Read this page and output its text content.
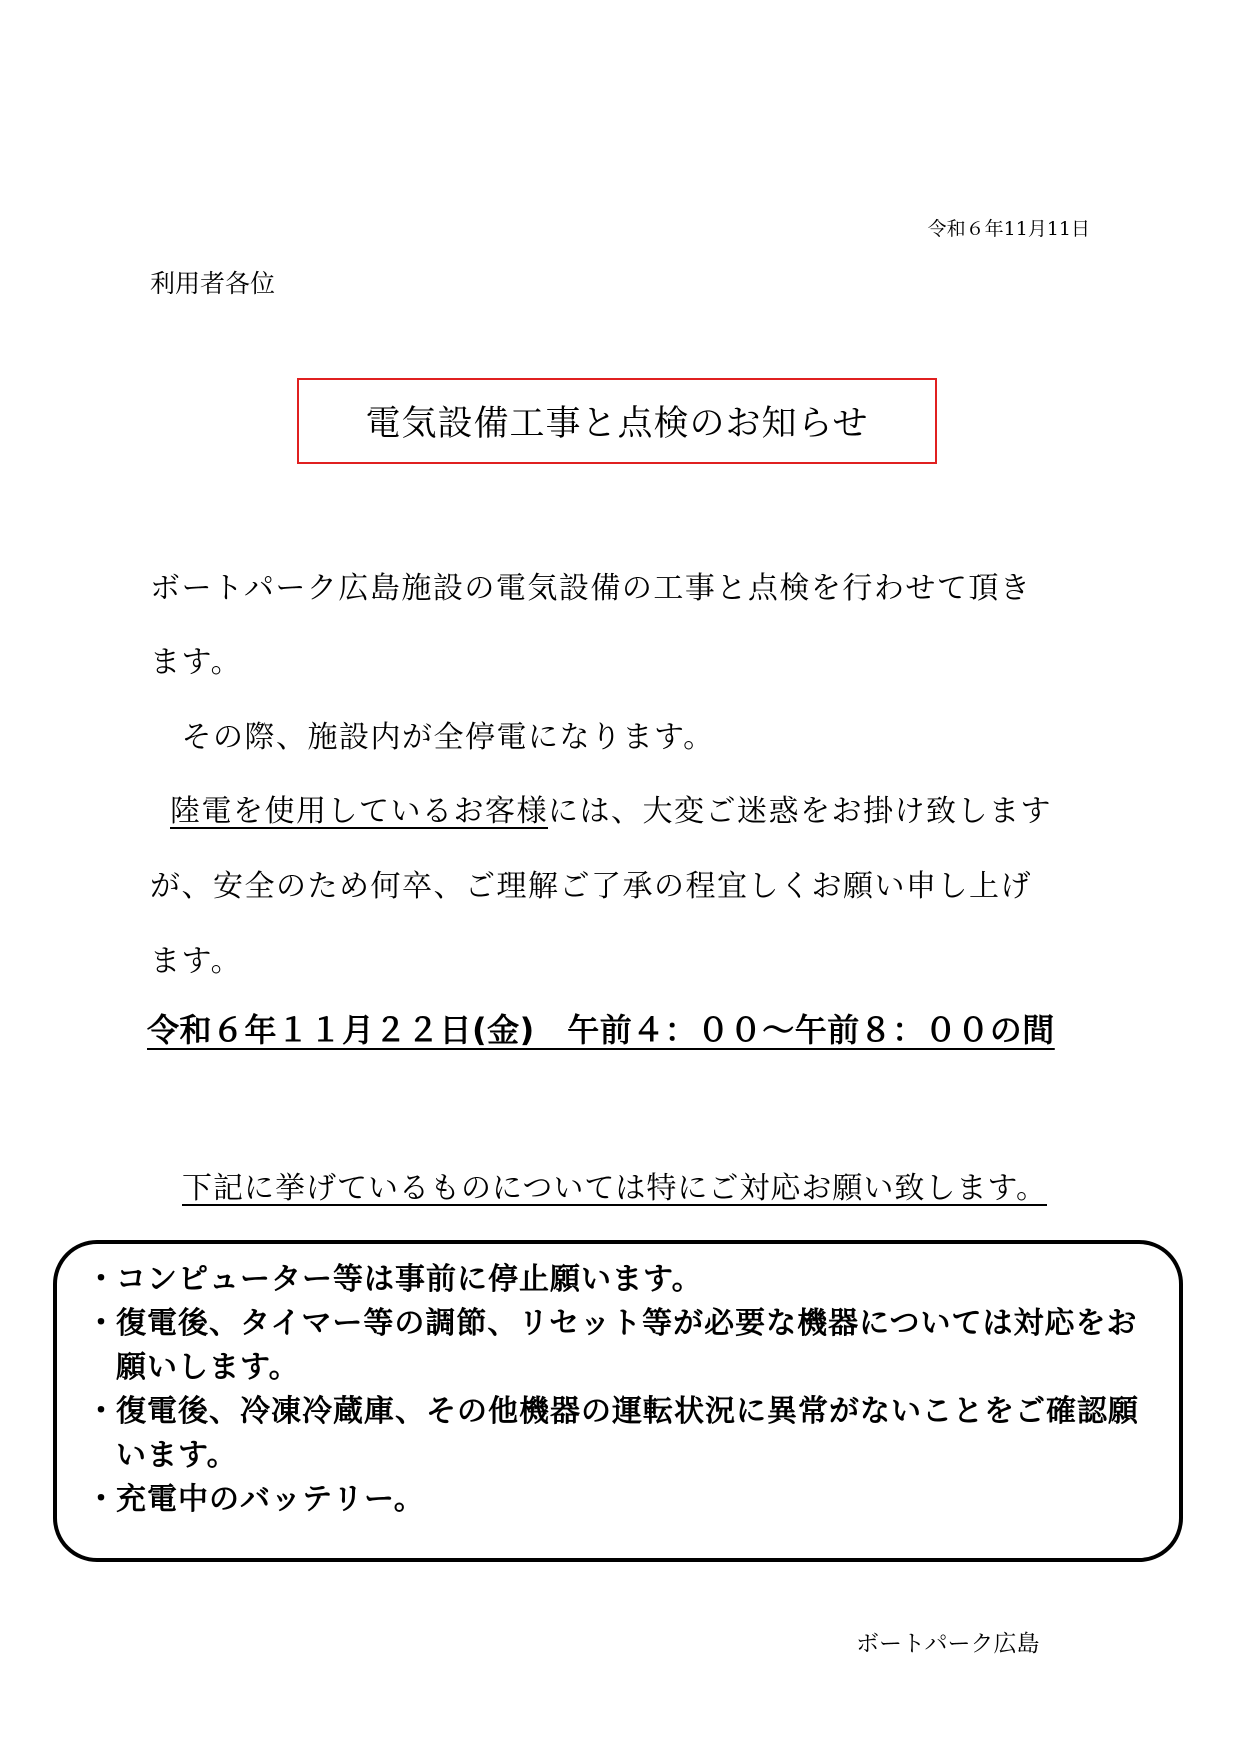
令和６年11月11日
利用者各位
電気設備工事と点検のお知らせ
ボートパーク広島施設の電気設備の工事と点検を行わせて頂き
ます。
　その際、施設内が全停電になります。
陸電を使用しているお客様には、大変ご迷惑をお掛け致します
が、安全のため何卒、ご理解ご了承の程宜しくお願い申し上げ
ます。
令和６年１１月２２日(金)　午前４：００～午前８：００の間
下記に挙げているものについては特にご対応お願い致します。
・ コンピューター等は事前に停止願います。
・ 復電後、タイマー等の調節、リセット等が必要な機器については対応をお願いします。
・ 復電後、冷凍冷蔵庫、その他機器の運転状況に異常がないことをご確認願います。
・ 充電中のバッテリー。
ボートパーク広島
